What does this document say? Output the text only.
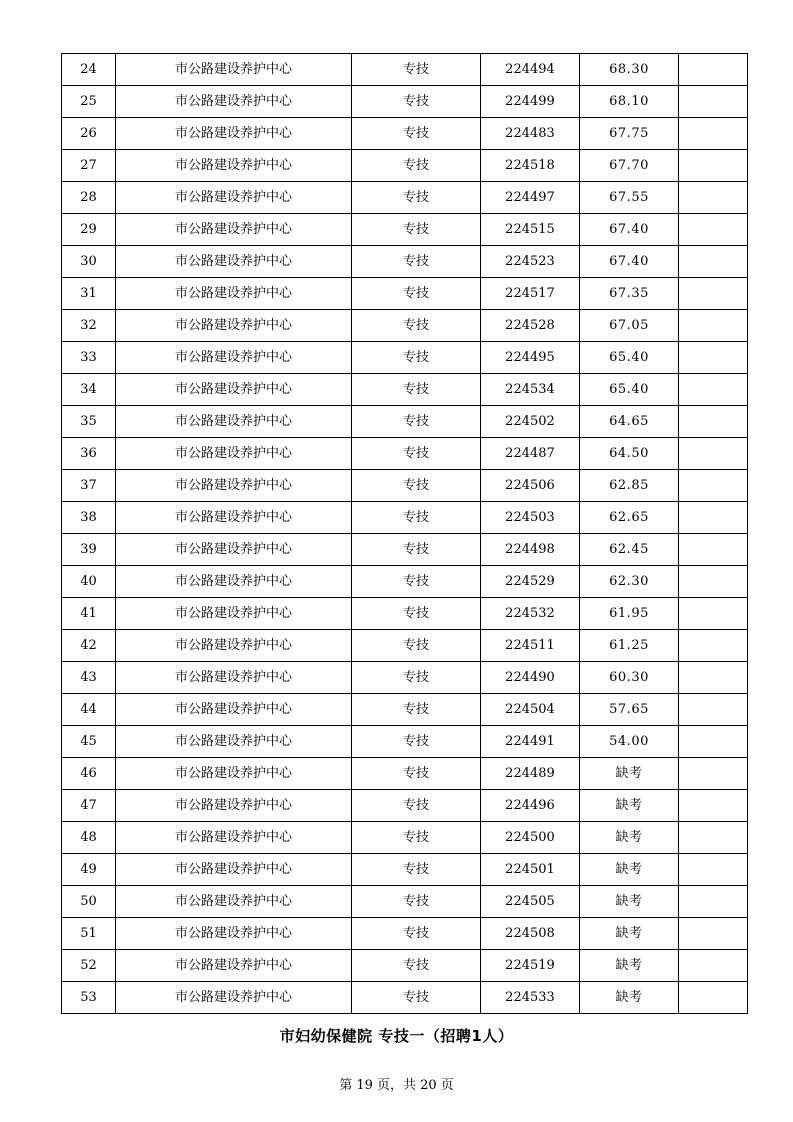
24	市公路建设养护中心	专技	224494	68.30	
25	市公路建设养护中心	专技	224499	68.10	
26	市公路建设养护中心	专技	224483	67.75	
27	市公路建设养护中心	专技	224518	67.70	
28	市公路建设养护中心	专技	224497	67.55	
29	市公路建设养护中心	专技	224515	67.40	
30	市公路建设养护中心	专技	224523	67.40	
31	市公路建设养护中心	专技	224517	67.35	
32	市公路建设养护中心	专技	224528	67.05	
33	市公路建设养护中心	专技	224495	65.40	
34	市公路建设养护中心	专技	224534	65.40	
35	市公路建设养护中心	专技	224502	64.65	
36	市公路建设养护中心	专技	224487	64.50	
37	市公路建设养护中心	专技	224506	62.85	
38	市公路建设养护中心	专技	224503	62.65	
39	市公路建设养护中心	专技	224498	62.45	
40	市公路建设养护中心	专技	224529	62.30	
41	市公路建设养护中心	专技	224532	61.95	
42	市公路建设养护中心	专技	224511	61.25	
43	市公路建设养护中心	专技	224490	60.30	
44	市公路建设养护中心	专技	224504	57.65	
45	市公路建设养护中心	专技	224491	54.00	
46	市公路建设养护中心	专技	224489	缺考	
47	市公路建设养护中心	专技	224496	缺考	
48	市公路建设养护中心	专技	224500	缺考	
49	市公路建设养护中心	专技	224501	缺考	
50	市公路建设养护中心	专技	224505	缺考	
51	市公路建设养护中心	专技	224508	缺考	
52	市公路建设养护中心	专技	224519	缺考	
53	市公路建设养护中心	专技	224533	缺考	
市妇幼保健院 专技一（招聘1人）
第 19 页，共 20 页
